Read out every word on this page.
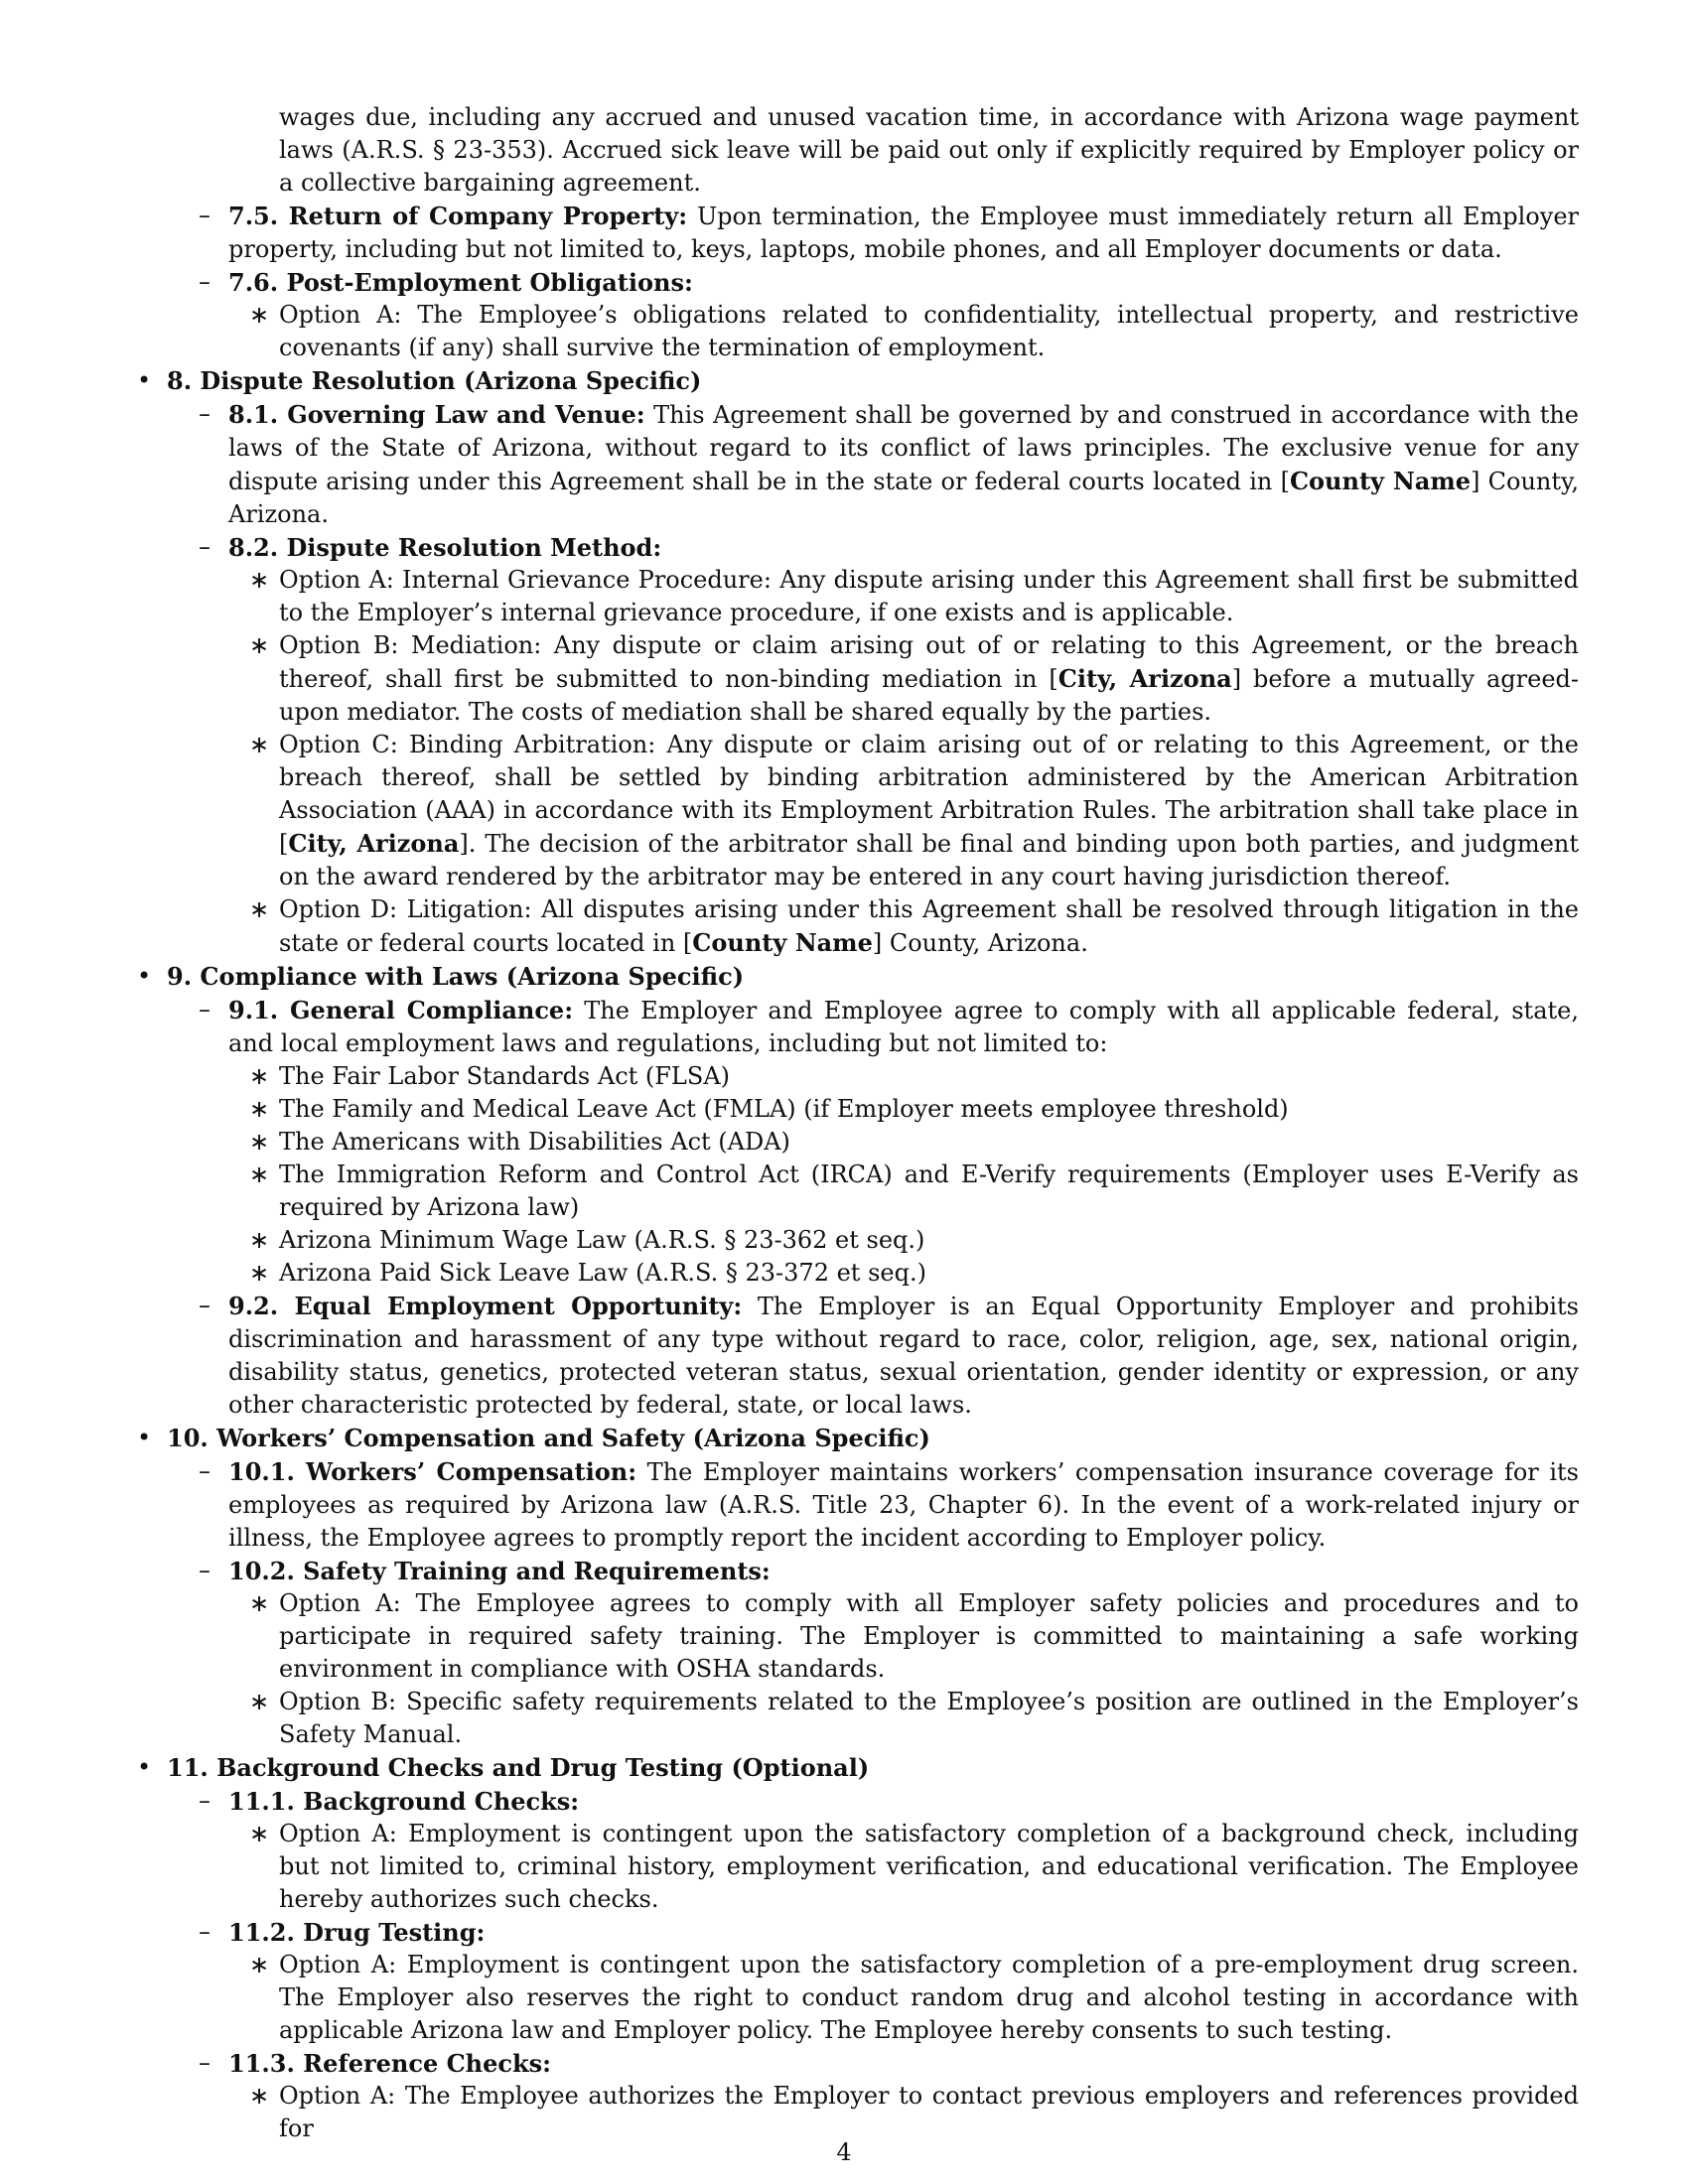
wages due, including any accrued and unused vacation time, in accordance with Arizona wage payment laws (A.R.S. § 23-353). Accrued sick leave will be paid out only if explicitly required by Employer policy or a collective bargaining agreement.
– 7.5. Return of Company Property: Upon termination, the Employee must immediately return all Employer property, including but not limited to, keys, laptops, mobile phones, and all Employer documents or data.
– 7.6. Post-Employment Obligations:
∗ Option A: The Employee’s obligations related to confidentiality, intellectual property, and restrictive covenants (if any) shall survive the termination of employment.
• 8. Dispute Resolution (Arizona Specific)
– 8.1. Governing Law and Venue: This Agreement shall be governed by and construed in accordance with the laws of the State of Arizona, without regard to its conflict of laws principles. The exclusive venue for any dispute arising under this Agreement shall be in the state or federal courts located in [County Name] County, Arizona.
– 8.2. Dispute Resolution Method:
∗ Option A: Internal Grievance Procedure: Any dispute arising under this Agreement shall first be submitted to the Employer’s internal grievance procedure, if one exists and is applicable.
∗ Option B: Mediation: Any dispute or claim arising out of or relating to this Agreement, or the breach thereof, shall first be submitted to non-binding mediation in [City, Arizona] before a mutually agreed-upon mediator. The costs of mediation shall be shared equally by the parties.
∗ Option C: Binding Arbitration: Any dispute or claim arising out of or relating to this Agreement, or the breach thereof, shall be settled by binding arbitration administered by the American Arbitration Association (AAA) in accordance with its Employment Arbitration Rules. The arbitration shall take place in [City, Arizona]. The decision of the arbitrator shall be final and binding upon both parties, and judgment on the award rendered by the arbitrator may be entered in any court having jurisdiction thereof.
∗ Option D: Litigation: All disputes arising under this Agreement shall be resolved through litigation in the state or federal courts located in [County Name] County, Arizona.
• 9. Compliance with Laws (Arizona Specific)
– 9.1. General Compliance: The Employer and Employee agree to comply with all applicable federal, state, and local employment laws and regulations, including but not limited to:
∗ The Fair Labor Standards Act (FLSA)
∗ The Family and Medical Leave Act (FMLA) (if Employer meets employee threshold)
∗ The Americans with Disabilities Act (ADA)
∗ The Immigration Reform and Control Act (IRCA) and E-Verify requirements (Employer uses E-Verify as required by Arizona law)
∗ Arizona Minimum Wage Law (A.R.S. § 23-362 et seq.)
∗ Arizona Paid Sick Leave Law (A.R.S. § 23-372 et seq.)
– 9.2. Equal Employment Opportunity: The Employer is an Equal Opportunity Employer and prohibits discrimination and harassment of any type without regard to race, color, religion, age, sex, national origin, disability status, genetics, protected veteran status, sexual orientation, gender identity or expression, or any other characteristic protected by federal, state, or local laws.
• 10. Workers’ Compensation and Safety (Arizona Specific)
– 10.1. Workers’ Compensation: The Employer maintains workers’ compensation insurance coverage for its employees as required by Arizona law (A.R.S. Title 23, Chapter 6). In the event of a work-related injury or illness, the Employee agrees to promptly report the incident according to Employer policy.
– 10.2. Safety Training and Requirements:
∗ Option A: The Employee agrees to comply with all Employer safety policies and procedures and to participate in required safety training. The Employer is committed to maintaining a safe working environment in compliance with OSHA standards.
∗ Option B: Specific safety requirements related to the Employee’s position are outlined in the Employer’s Safety Manual.
• 11. Background Checks and Drug Testing (Optional)
– 11.1. Background Checks:
∗ Option A: Employment is contingent upon the satisfactory completion of a background check, including but not limited to, criminal history, employment verification, and educational verification. The Employee hereby authorizes such checks.
– 11.2. Drug Testing:
∗ Option A: Employment is contingent upon the satisfactory completion of a pre-employment drug screen. The Employer also reserves the right to conduct random drug and alcohol testing in accordance with applicable Arizona law and Employer policy. The Employee hereby consents to such testing.
– 11.3. Reference Checks:
∗ Option A: The Employee authorizes the Employer to contact previous employers and references provided for
4
